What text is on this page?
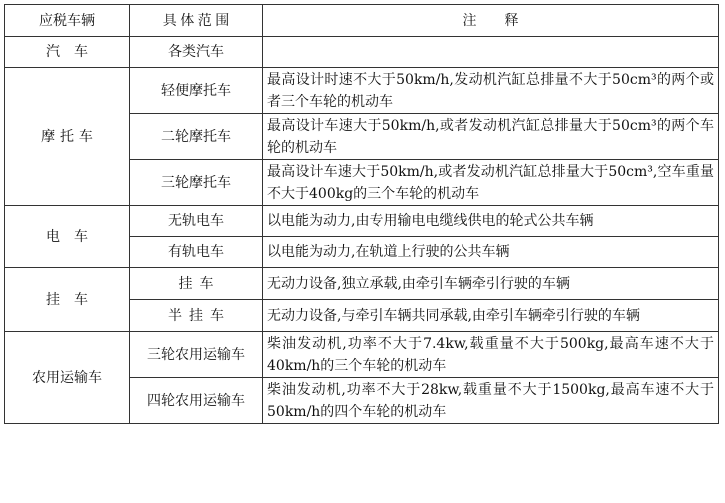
应税车辆	具体范围	注　　释
汽　车	各类汽车	
摩托车	轻便摩托车	最高设计时速不大于50km/h,发动机汽缸总排量不大于50cm³的两个或者三个车轮的机动车
	二轮摩托车	最高设计车速大于50km/h,或者发动机汽缸总排量大于50cm³的两个车轮的机动车
	三轮摩托车	最高设计车速大于50km/h,或者发动机汽缸总排量大于50cm³,空车重量不大于400kg的三个车轮的机动车
电　车	无轨电车	以电能为动力,由专用输电电缆线供电的轮式公共车辆
	有轨电车	以电能为动力,在轨道上行驶的公共车辆
挂　车	挂车	无动力设备,独立承载,由牵引车辆牵引行驶的车辆
	半挂车	无动力设备,与牵引车辆共同承载,由牵引车辆牵引行驶的车辆
农用运输车	三轮农用运输车	柴油发动机,功率不大于7.4kw,载重量不大于500kg,最高车速不大于40km/h的三个车轮的机动车
	四轮农用运输车	柴油发动机,功率不大于28kw,载重量不大于1500kg,最高车速不大于50km/h的四个车轮的机动车
